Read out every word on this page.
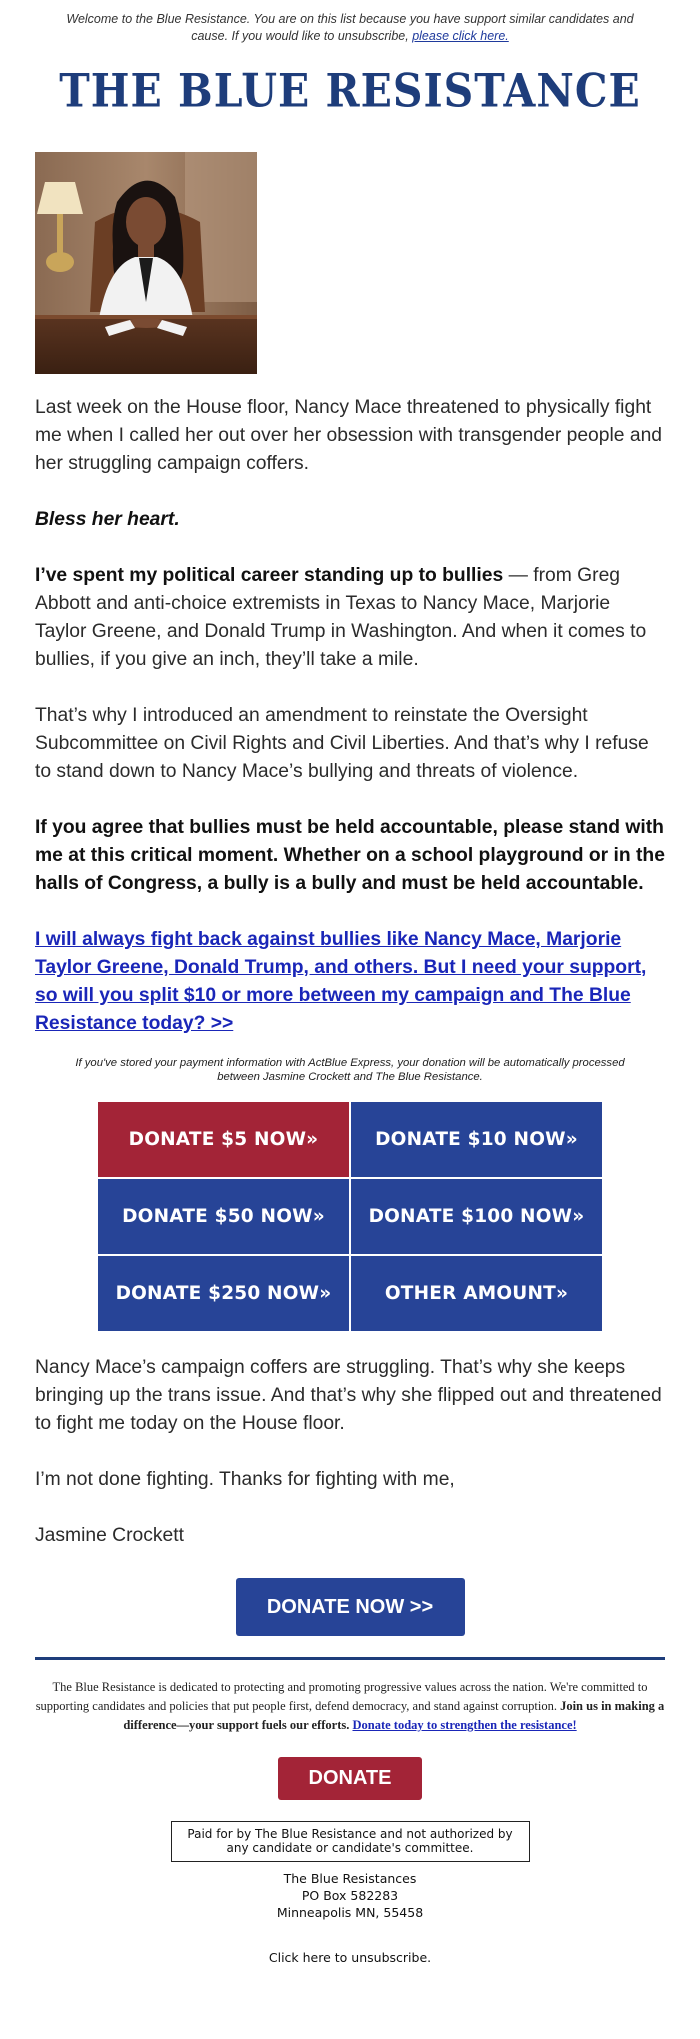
Welcome to the Blue Resistance. You are on this list because you have support similar candidates and cause. If you would like to unsubscribe, please click here.
THE BLUE RESISTANCE

Last week on the House floor, Nancy Mace threatened to physically fight me when I called her out over her obsession with transgender people and her struggling campaign coffers.

Bless her heart.

I’ve spent my political career standing up to bullies — from Greg Abbott and anti-choice extremists in Texas to Nancy Mace, Marjorie Taylor Greene, and Donald Trump in Washington. And when it comes to bullies, if you give an inch, they’ll take a mile.

That’s why I introduced an amendment to reinstate the Oversight Subcommittee on Civil Rights and Civil Liberties. And that’s why I refuse to stand down to Nancy Mace’s bullying and threats of violence.

If you agree that bullies must be held accountable, please stand with me at this critical moment. Whether on a school playground or in the halls of Congress, a bully is a bully and must be held accountable.

I will always fight back against bullies like Nancy Mace, Marjorie Taylor Greene, Donald Trump, and others. But I need your support, so will you split $10 or more between my campaign and The Blue Resistance today? >>

If you've stored your payment information with ActBlue Express, your donation will be automatically processed between Jasmine Crockett and The Blue Resistance.
DONATE $5 NOW»	DONATE $10 NOW»
DONATE $50 NOW»	DONATE $100 NOW»
DONATE $250 NOW»	OTHER AMOUNT»

Nancy Mace’s campaign coffers are struggling. That’s why she keeps bringing up the trans issue. And that’s why she flipped out and threatened to fight me today on the House floor.

I’m not done fighting. Thanks for fighting with me,

Jasmine Crockett

DONATE NOW >>
The Blue Resistance is dedicated to protecting and promoting progressive values across the nation. We're committed to supporting candidates and policies that put people first, defend democracy, and stand against corruption. Join us in making a difference—your support fuels our efforts. Donate today to strengthen the resistance!
DONATE
Paid for by The Blue Resistance and not authorized by any candidate or candidate's committee.
The Blue Resistances
PO Box 582283
Minneapolis MN, 55458
Click here to unsubscribe.
